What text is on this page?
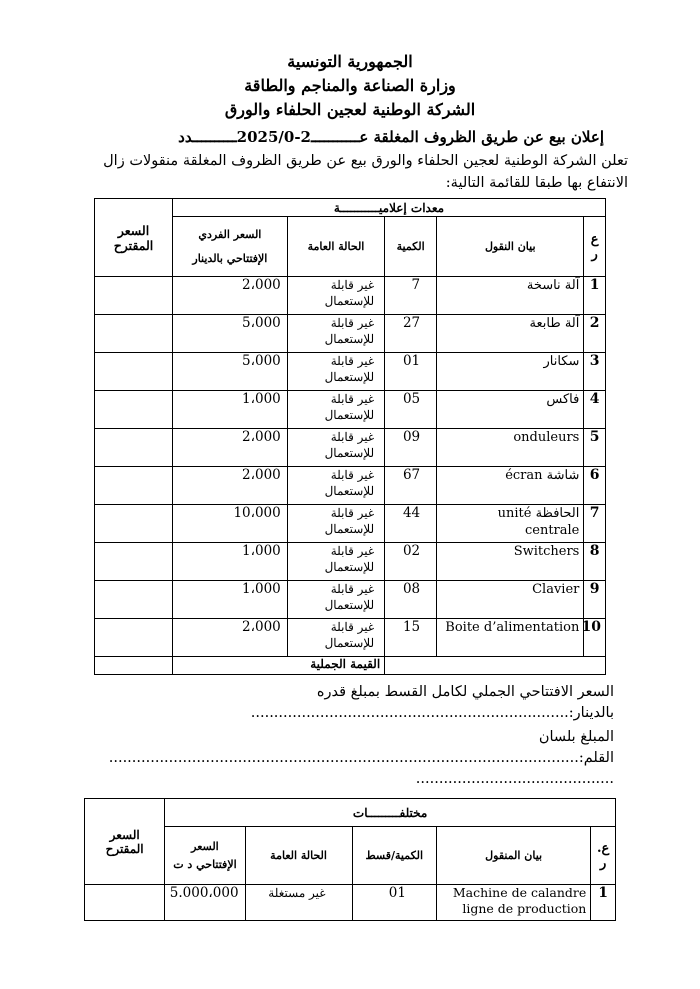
الجمهورية التونسية
وزارة الصناعة والمناجم والطاقة
الشركة الوطنية لعجين الحلفاء والورق
إعلان بيع عن طريق الظروف المغلقة عـــــــــــ2-2025/0ــــــــــدد
تعلن الشركة الوطنية لعجين الحلفاء والورق بيع عن طريق الظروف المغلقة منقولات زال الانتفاع بها طبقا للقائمة التالية:
معدات إعلاميـــــــــــة					السعر المقترح
ع ر	بيان النقول	الكمية	الحالة العامة	السعر الفردي الإفتتاحي بالدينار	
1	آلة ناسخة	7	غير قابلة للإستعمال	2،000	
2	آلة طابعة	27	غير قابلة للإستعمال	5،000	
3	سكانار	01	غير قابلة للإستعمال	5،000	
4	فاكس	05	غير قابلة للإستعمال	1،000	
5	onduleurs	09	غير قابلة للإستعمال	2،000	
6	شاشة écran	67	غير قابلة للإستعمال	2،000	
7	الحافظة unité centrale	44	غير قابلة للإستعمال	10،000	
8	Switchers	02	غير قابلة للإستعمال	1،000	
9	Clavier	08	غير قابلة للإستعمال	1،000	
10	Boite d’alimentation	15	غير قابلة للإستعمال	2،000	
			القيمة الجملية		
السعر الافتتاحي الجملي لكامل القسط بمبلغ قدره
بالدينار:.....................................................................
المبلغ بلسان
القلم:......................................................................................................
...........................................
مختلفـــــــــات					السعر المقترح
ع. ر	بيان المنقول	الكمية/قسط	الحالة العامة	السعر الإفتتاحي د ت	
1	Machine de calandre ligne de production	01	غير مستغلة	5.000،000	
